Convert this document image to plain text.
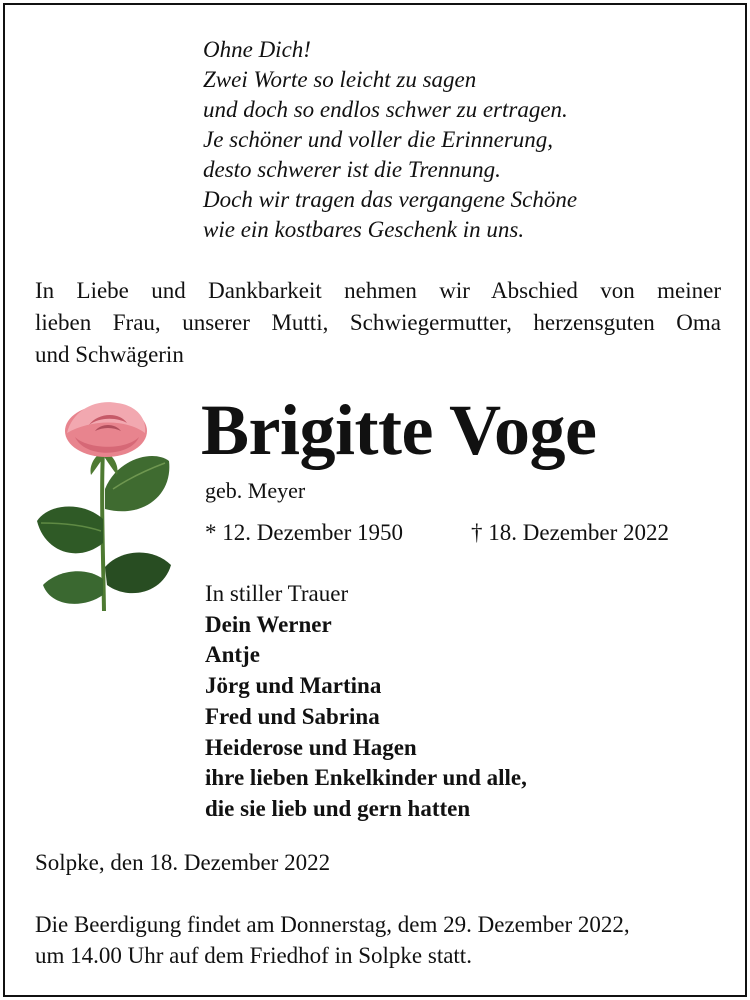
Ohne Dich!
Zwei Worte so leicht zu sagen
und doch so endlos schwer zu ertragen.
Je schöner und voller die Erinnerung,
desto schwerer ist die Trennung.
Doch wir tragen das vergangene Schöne
wie ein kostbares Geschenk in uns.
In Liebe und Dankbarkeit nehmen wir Abschied von meiner
lieben Frau, unserer Mutti, Schwiegermutter, herzensguten Oma
und Schwägerin
Brigitte Voge
geb. Meyer
* 12. Dezember 1950	† 18. Dezember 2022
In stiller Trauer
Dein Werner
Antje
Jörg und Martina
Fred und Sabrina
Heiderose und Hagen
ihre lieben Enkelkinder und alle,
die sie lieb und gern hatten
Solpke, den 18. Dezember 2022
Die Beerdigung findet am Donnerstag, dem 29. Dezember 2022,
um 14.00 Uhr auf dem Friedhof in Solpke statt.
